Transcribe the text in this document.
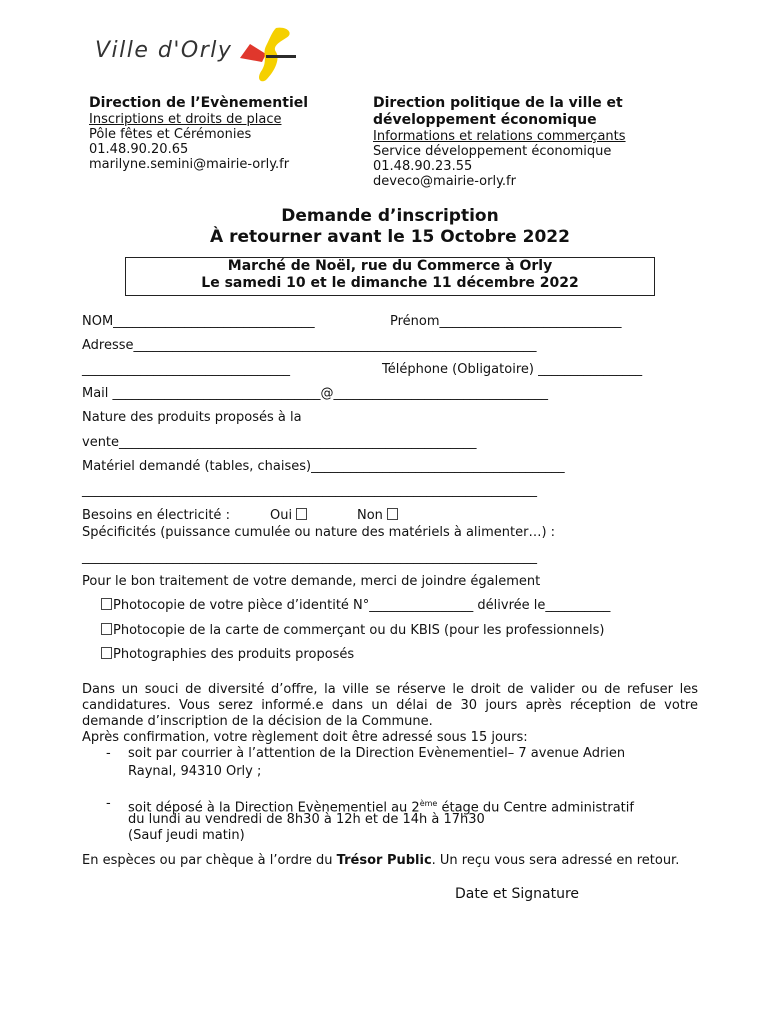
Ville d'Orly
Direction de l’Evènementiel
Inscriptions et droits de place
Pôle fêtes et Cérémonies
01.48.90.20.65
marilyne.semini@mairie-orly.fr
Direction politique de la ville et
développement économique
Informations et relations commerçants
Service développement économique
01.48.90.23.55
deveco@mairie-orly.fr
Demande d’inscription
À retourner avant le 15 Octobre 2022
Marché de Noël, rue du Commerce à Orly
Le samedi 10 et le dimanche 11 décembre 2022
NOM_______________________________	Prénom____________________________
Adresse______________________________________________________________
________________________________	Téléphone (Obligatoire) ________________
Mail ________________________________@_________________________________
Nature des produits proposés à la
vente_______________________________________________________
Matériel demandé (tables, chaises)_______________________________________
______________________________________________________________________
Besoins en électricité :	Oui	Non
Spécificités (puissance cumulée ou nature des matériels à alimenter…) :
______________________________________________________________________
Pour le bon traitement de votre demande, merci de joindre également
Photocopie de votre pièce d’identité N°________________ délivrée le__________
Photocopie de la carte de commerçant ou du KBIS (pour les professionnels)
Photographies des produits proposés
Dans un souci de diversité d’offre, la ville se réserve le droit de valider ou de refuser les candidatures. Vous serez informé.e dans un délai de 30 jours après réception de votre demande d’inscription de la décision de la Commune.
Après confirmation, votre règlement doit être adressé sous 15 jours:
- soit par courrier à l’attention de la Direction Evènementiel– 7 avenue Adrien
Raynal, 94310 Orly ;
- soit déposé à la Direction Evènementiel au 2ème étage du Centre administratif
du lundi au vendredi de 8h30 à 12h et de 14h à 17h30
(Sauf jeudi matin)
En espèces ou par chèque à l’ordre du Trésor Public. Un reçu vous sera adressé en retour.
Date et Signature
